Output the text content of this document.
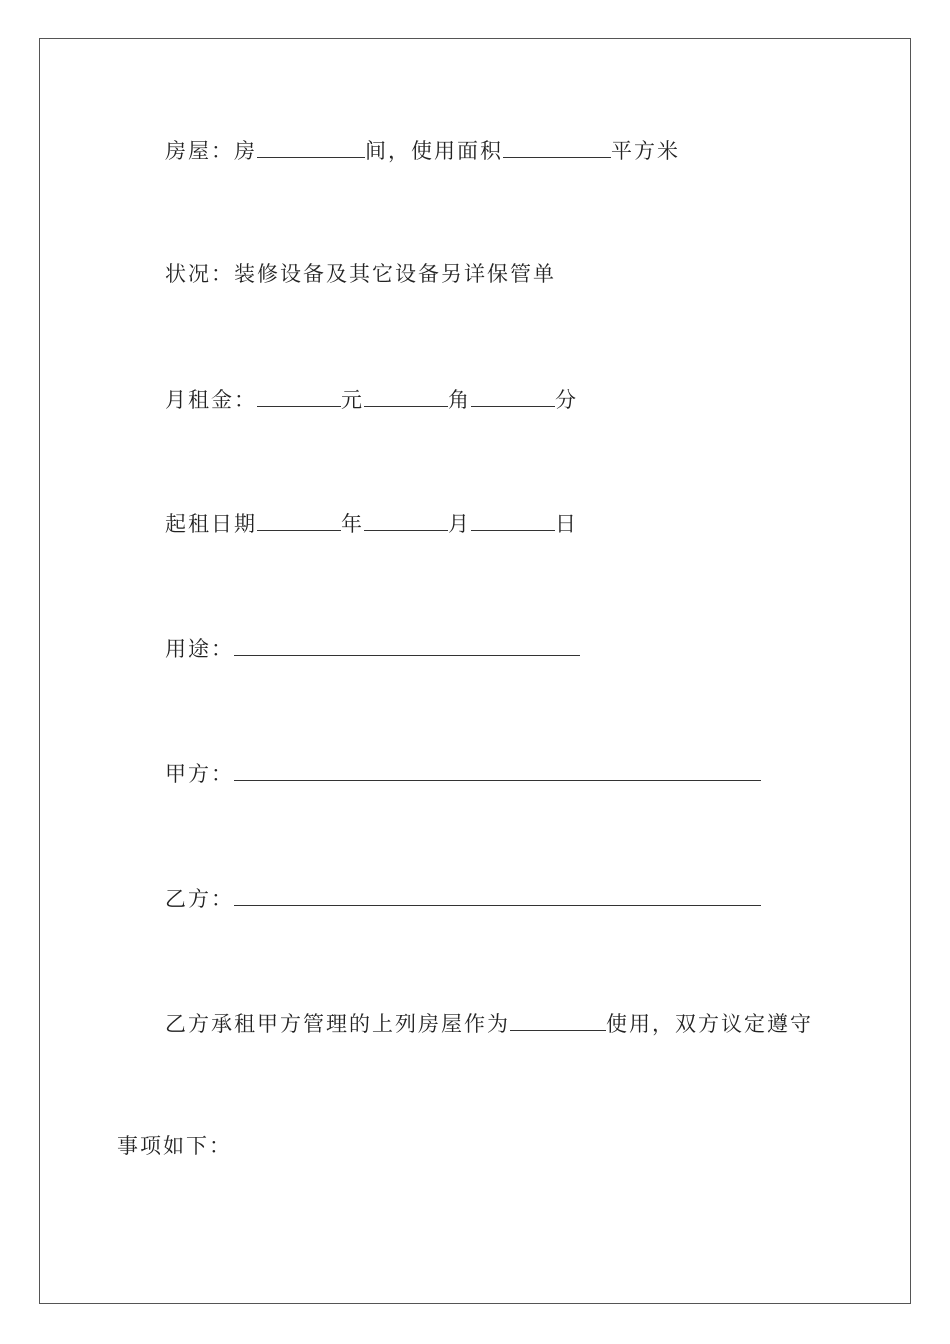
房屋：房	间，使用面积	平方米
状况：装修设备及其它设备另详保管单
月租金：	元	角	分
起租日期	年	月	日
用途：
甲方：
乙方：
乙方承租甲方管理的上列房屋作为	使用，双方议定遵守
事项如下：
